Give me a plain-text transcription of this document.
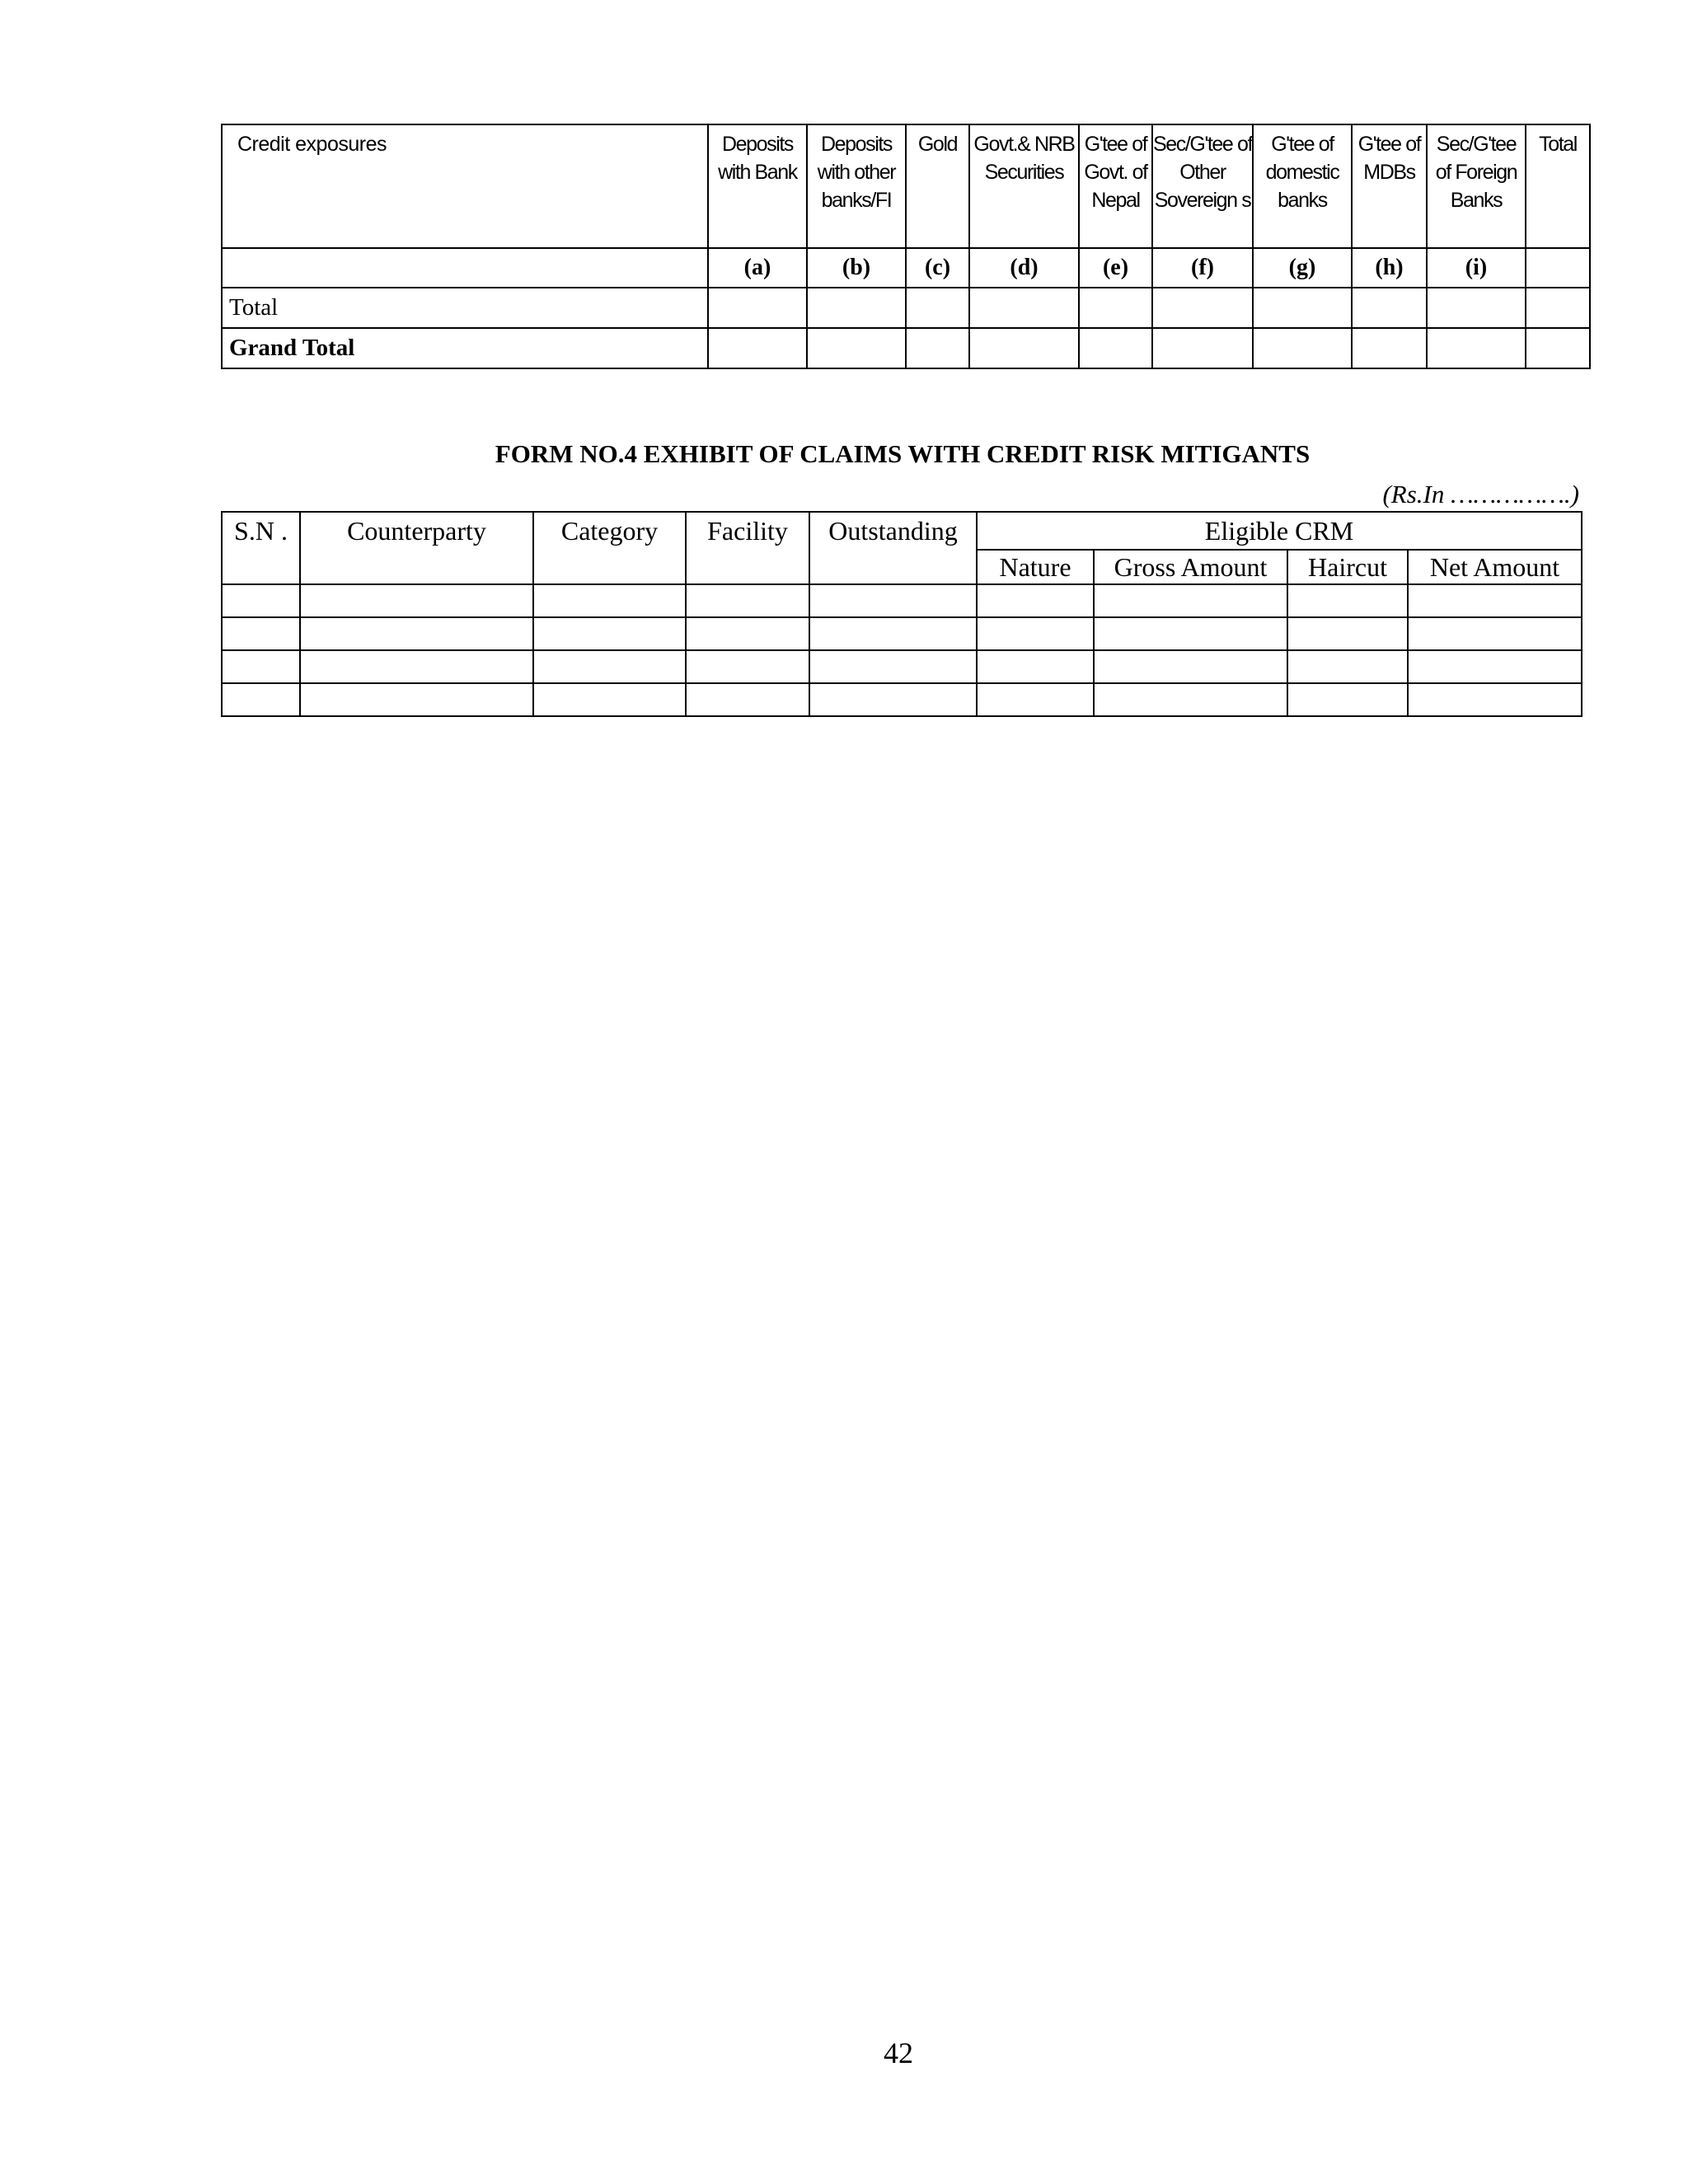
Credit exposures	Deposits with Bank	Deposits with other banks/FI	Gold	Govt.& NRB Securities	G'tee of Govt. of Nepal	Sec/G'tee of Other Sovereign s	G'tee of domestic banks	G'tee of MDBs	Sec/G'tee of Foreign Banks	Total
	(a)	(b)	(c)	(d)	(e)	(f)	(g)	(h)	(i)	
Total										
Grand Total										
FORM NO.4 EXHIBIT OF CLAIMS WITH CREDIT RISK MITIGANTS
(Rs.In …………….)
S.N .	Counterparty	Category	Facility	Outstanding	Eligible CRM			
					Nature	Gross Amount	Haircut	Net Amount

42
